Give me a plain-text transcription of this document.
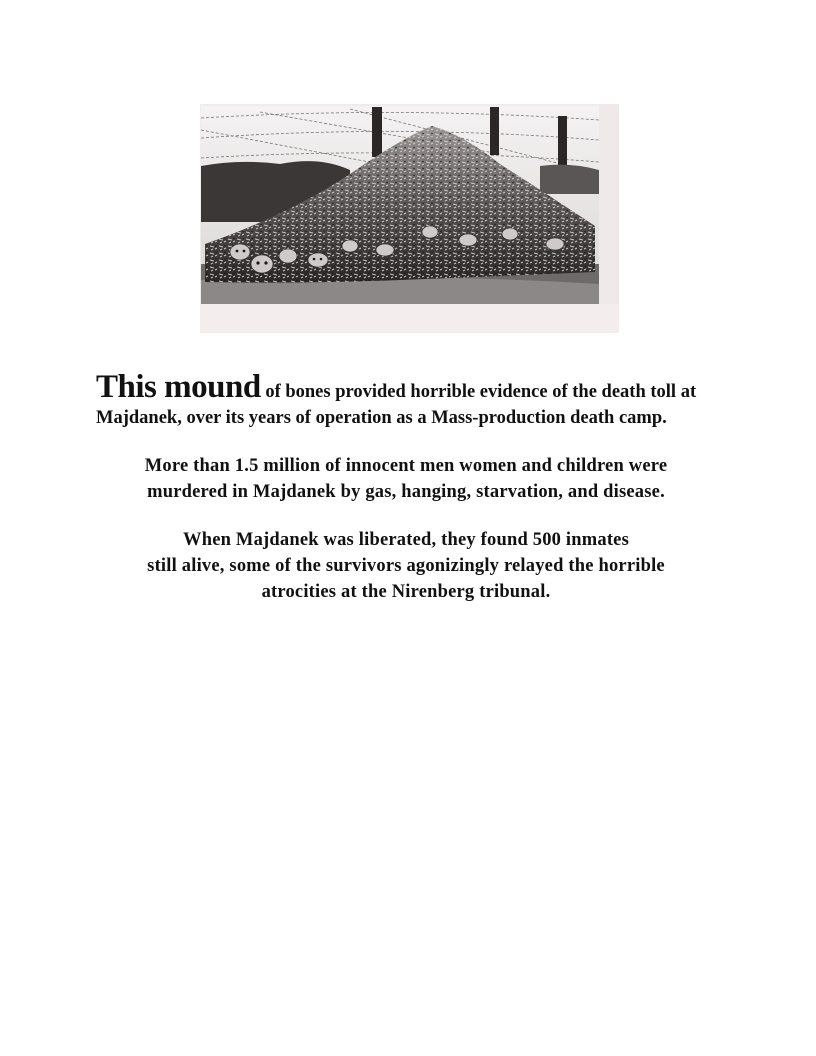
This mound of bones provided horrible evidence of the death toll at Majdanek, over its years of operation as a Mass-production death camp.

More than 1.5 million of innocent men women and children were
murdered in Majdanek by gas, hanging, starvation, and disease.

When Majdanek was liberated, they found 500 inmates
still alive, some of the survivors agonizingly relayed the horrible
atrocities at the Nirenberg tribunal.
